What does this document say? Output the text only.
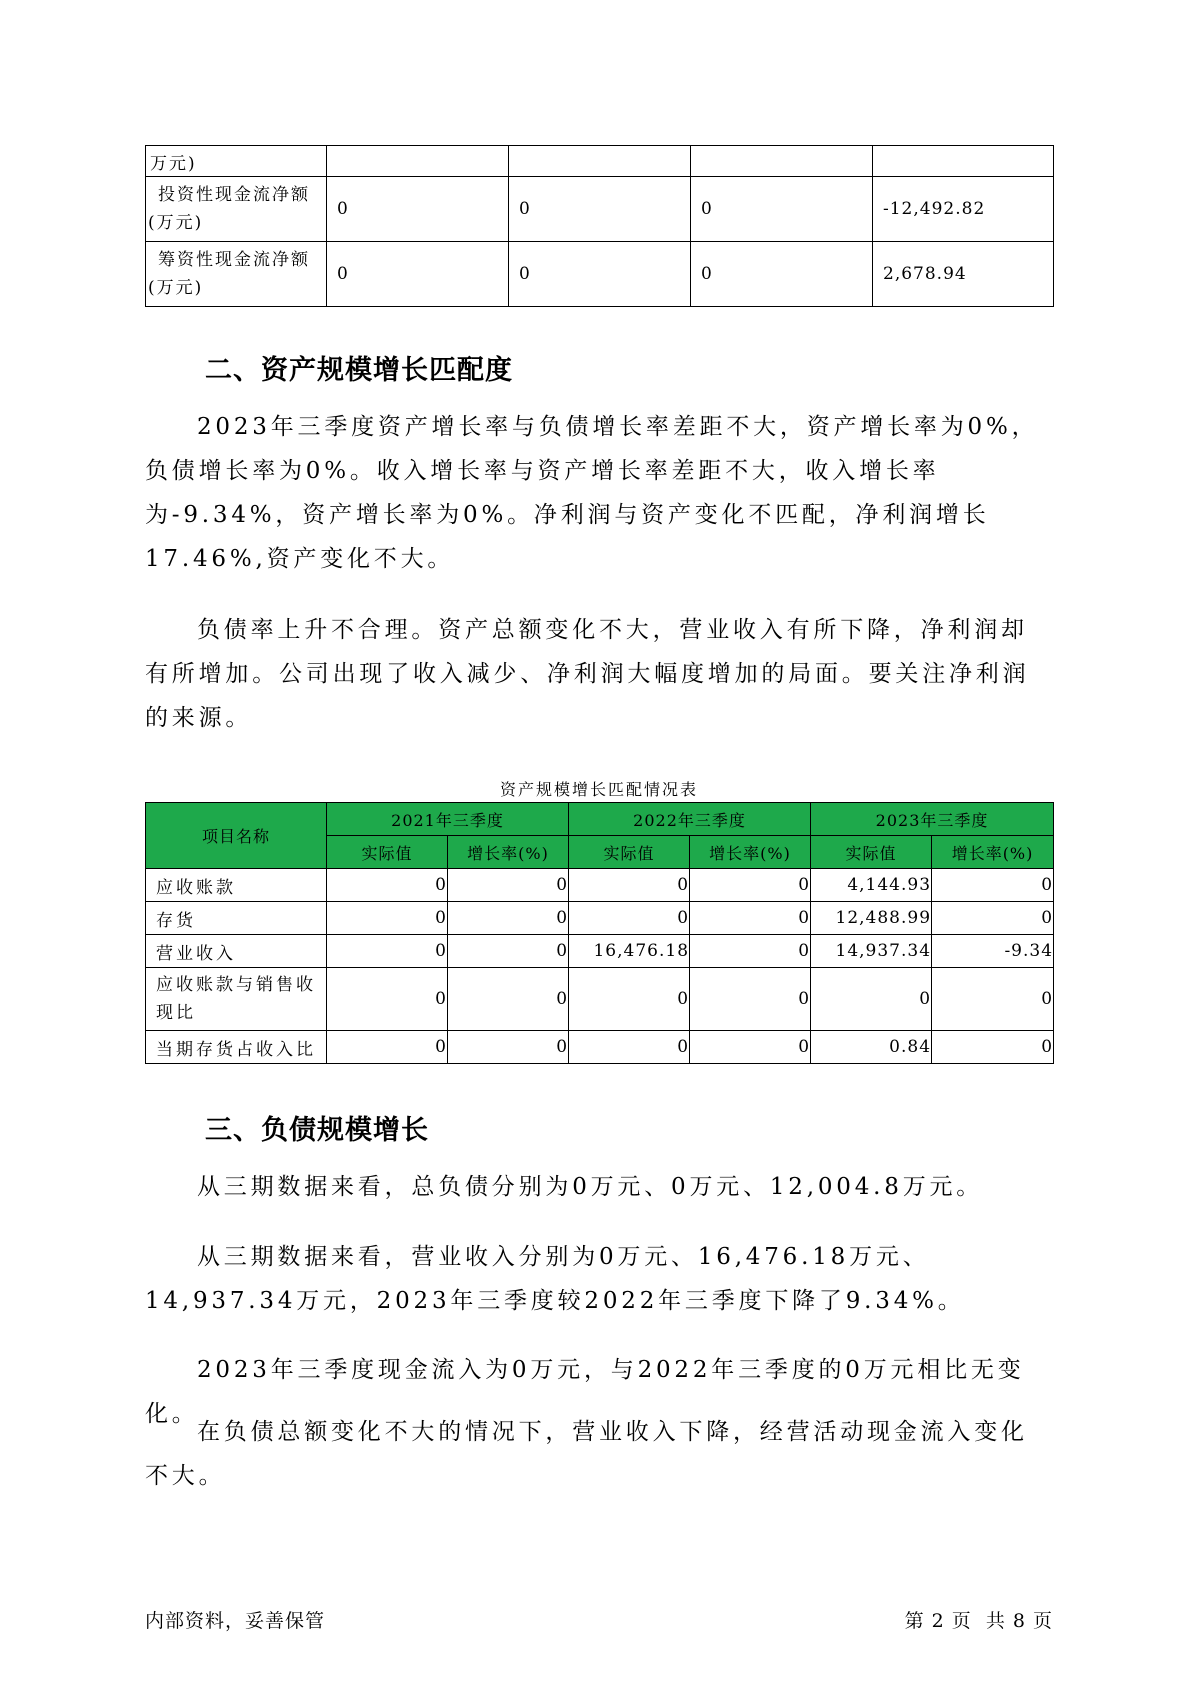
万元)				
投资性现金流净额(万元)	0	0	0	-12,492.82
筹资性现金流净额(万元)	0	0	0	2,678.94
二、资产规模增长匹配度

2023年三季度资产增长率与负债增长率差距不大，资产增长率为0%，负债增长率为0%。收入增长率与资产增长率差距不大，收入增长率为-9.34%，资产增长率为0%。净利润与资产变化不匹配，净利润增长17.46%,资产变化不大。

负债率上升不合理。资产总额变化不大，营业收入有所下降，净利润却有所增加。公司出现了收入减少、净利润大幅度增加的局面。要关注净利润的来源。

资产规模增长匹配情况表
项目名称	2021年三季度		2022年三季度		2023年三季度	
	实际值	增长率(%)	实际值	增长率(%)	实际值	增长率(%)
应收账款	0	0	0	0	4,144.93	0
存货	0	0	0	0	12,488.99	0
营业收入	0	0	16,476.18	0	14,937.34	-9.34
应收账款与销售收现比	0	0	0	0	0	0
当期存货占收入比	0	0	0	0	0.84	0
三、负债规模增长

从三期数据来看，总负债分别为0万元、0万元、12,004.8万元。

从三期数据来看，营业收入分别为0万元、16,476.18万元、14,937.34万元，2023年三季度较2022年三季度下降了9.34%。

2023年三季度现金流入为0万元，与2022年三季度的0万元相比无变化。

在负债总额变化不大的情况下，营业收入下降，经营活动现金流入变化不大。

内部资料，妥善保管	第 2 页  共 8 页
